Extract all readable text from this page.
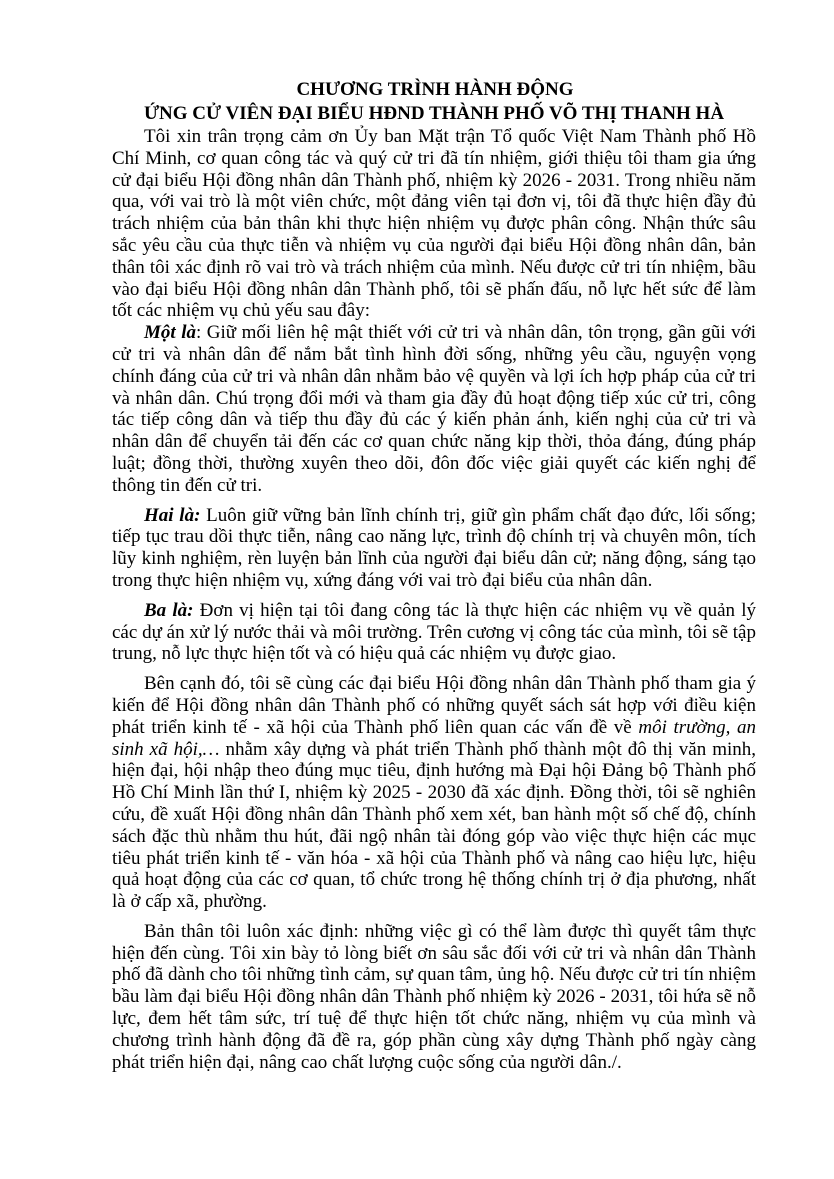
CHƯƠNG TRÌNH HÀNH ĐỘNG

ỨNG CỬ VIÊN ĐẠI BIỂU HĐND THÀNH PHỐ VÕ THỊ THANH HÀ

Tôi xin trân trọng cảm ơn Ủy ban Mặt trận Tổ quốc Việt Nam Thành phố Hồ Chí Minh, cơ quan công tác và quý cử tri đã tín nhiệm, giới thiệu tôi tham gia ứng cử đại biểu Hội đồng nhân dân Thành phố, nhiệm kỳ 2026 - 2031. Trong nhiều năm qua, với vai trò là một viên chức, một đảng viên tại đơn vị, tôi đã thực hiện đầy đủ trách nhiệm của bản thân khi thực hiện nhiệm vụ được phân công. Nhận thức sâu sắc yêu cầu của thực tiễn và nhiệm vụ của người đại biểu Hội đồng nhân dân, bản thân tôi xác định rõ vai trò và trách nhiệm của mình. Nếu được cử tri tín nhiệm, bầu vào đại biểu Hội đồng nhân dân Thành phố, tôi sẽ phấn đấu, nỗ lực hết sức để làm tốt các nhiệm vụ chủ yếu sau đây:

Một là: Giữ mối liên hệ mật thiết với cử tri và nhân dân, tôn trọng, gần gũi với cử tri và nhân dân để nắm bắt tình hình đời sống, những yêu cầu, nguyện vọng chính đáng của cử tri và nhân dân nhằm bảo vệ quyền và lợi ích hợp pháp của cử tri và nhân dân. Chú trọng đổi mới và tham gia đầy đủ hoạt động tiếp xúc cử tri, công tác tiếp công dân và tiếp thu đầy đủ các ý kiến phản ánh, kiến nghị của cử tri và nhân dân để chuyển tải đến các cơ quan chức năng kịp thời, thỏa đáng, đúng pháp luật; đồng thời, thường xuyên theo dõi, đôn đốc việc giải quyết các kiến nghị để thông tin đến cử tri.

Hai là: Luôn giữ vững bản lĩnh chính trị, giữ gìn phẩm chất đạo đức, lối sống; tiếp tục trau dồi thực tiễn, nâng cao năng lực, trình độ chính trị và chuyên môn, tích lũy kinh nghiệm, rèn luyện bản lĩnh của người đại biểu dân cử; năng động, sáng tạo trong thực hiện nhiệm vụ, xứng đáng với vai trò đại biểu của nhân dân.

Ba là: Đơn vị hiện tại tôi đang công tác là thực hiện các nhiệm vụ về quản lý các dự án xử lý nước thải và môi trường. Trên cương vị công tác của mình, tôi sẽ tập trung, nỗ lực thực hiện tốt và có hiệu quả các nhiệm vụ được giao.

Bên cạnh đó, tôi sẽ cùng các đại biểu Hội đồng nhân dân Thành phố tham gia ý kiến để Hội đồng nhân dân Thành phố có những quyết sách sát hợp với điều kiện phát triển kinh tế - xã hội của Thành phố liên quan các vấn đề về môi trường, an sinh xã hội,… nhằm xây dựng và phát triển Thành phố thành một đô thị văn minh, hiện đại, hội nhập theo đúng mục tiêu, định hướng mà Đại hội Đảng bộ Thành phố Hồ Chí Minh lần thứ I, nhiệm kỳ 2025 - 2030 đã xác định. Đồng thời, tôi sẽ nghiên cứu, đề xuất Hội đồng nhân dân Thành phố xem xét, ban hành một số chế độ, chính sách đặc thù nhằm thu hút, đãi ngộ nhân tài đóng góp vào việc thực hiện các mục tiêu phát triển kinh tế - văn hóa - xã hội của Thành phố và nâng cao hiệu lực, hiệu quả hoạt động của các cơ quan, tổ chức trong hệ thống chính trị ở địa phương, nhất là ở cấp xã, phường.

Bản thân tôi luôn xác định: những việc gì có thể làm được thì quyết tâm thực hiện đến cùng. Tôi xin bày tỏ lòng biết ơn sâu sắc đối với cử tri và nhân dân Thành phố đã dành cho tôi những tình cảm, sự quan tâm, ủng hộ. Nếu được cử tri tín nhiệm bầu làm đại biểu Hội đồng nhân dân Thành phố nhiệm kỳ 2026 - 2031, tôi hứa sẽ nỗ lực, đem hết tâm sức, trí tuệ để thực hiện tốt chức năng, nhiệm vụ của mình và chương trình hành động đã đề ra, góp phần cùng xây dựng Thành phố ngày càng phát triển hiện đại, nâng cao chất lượng cuộc sống của người dân./.
